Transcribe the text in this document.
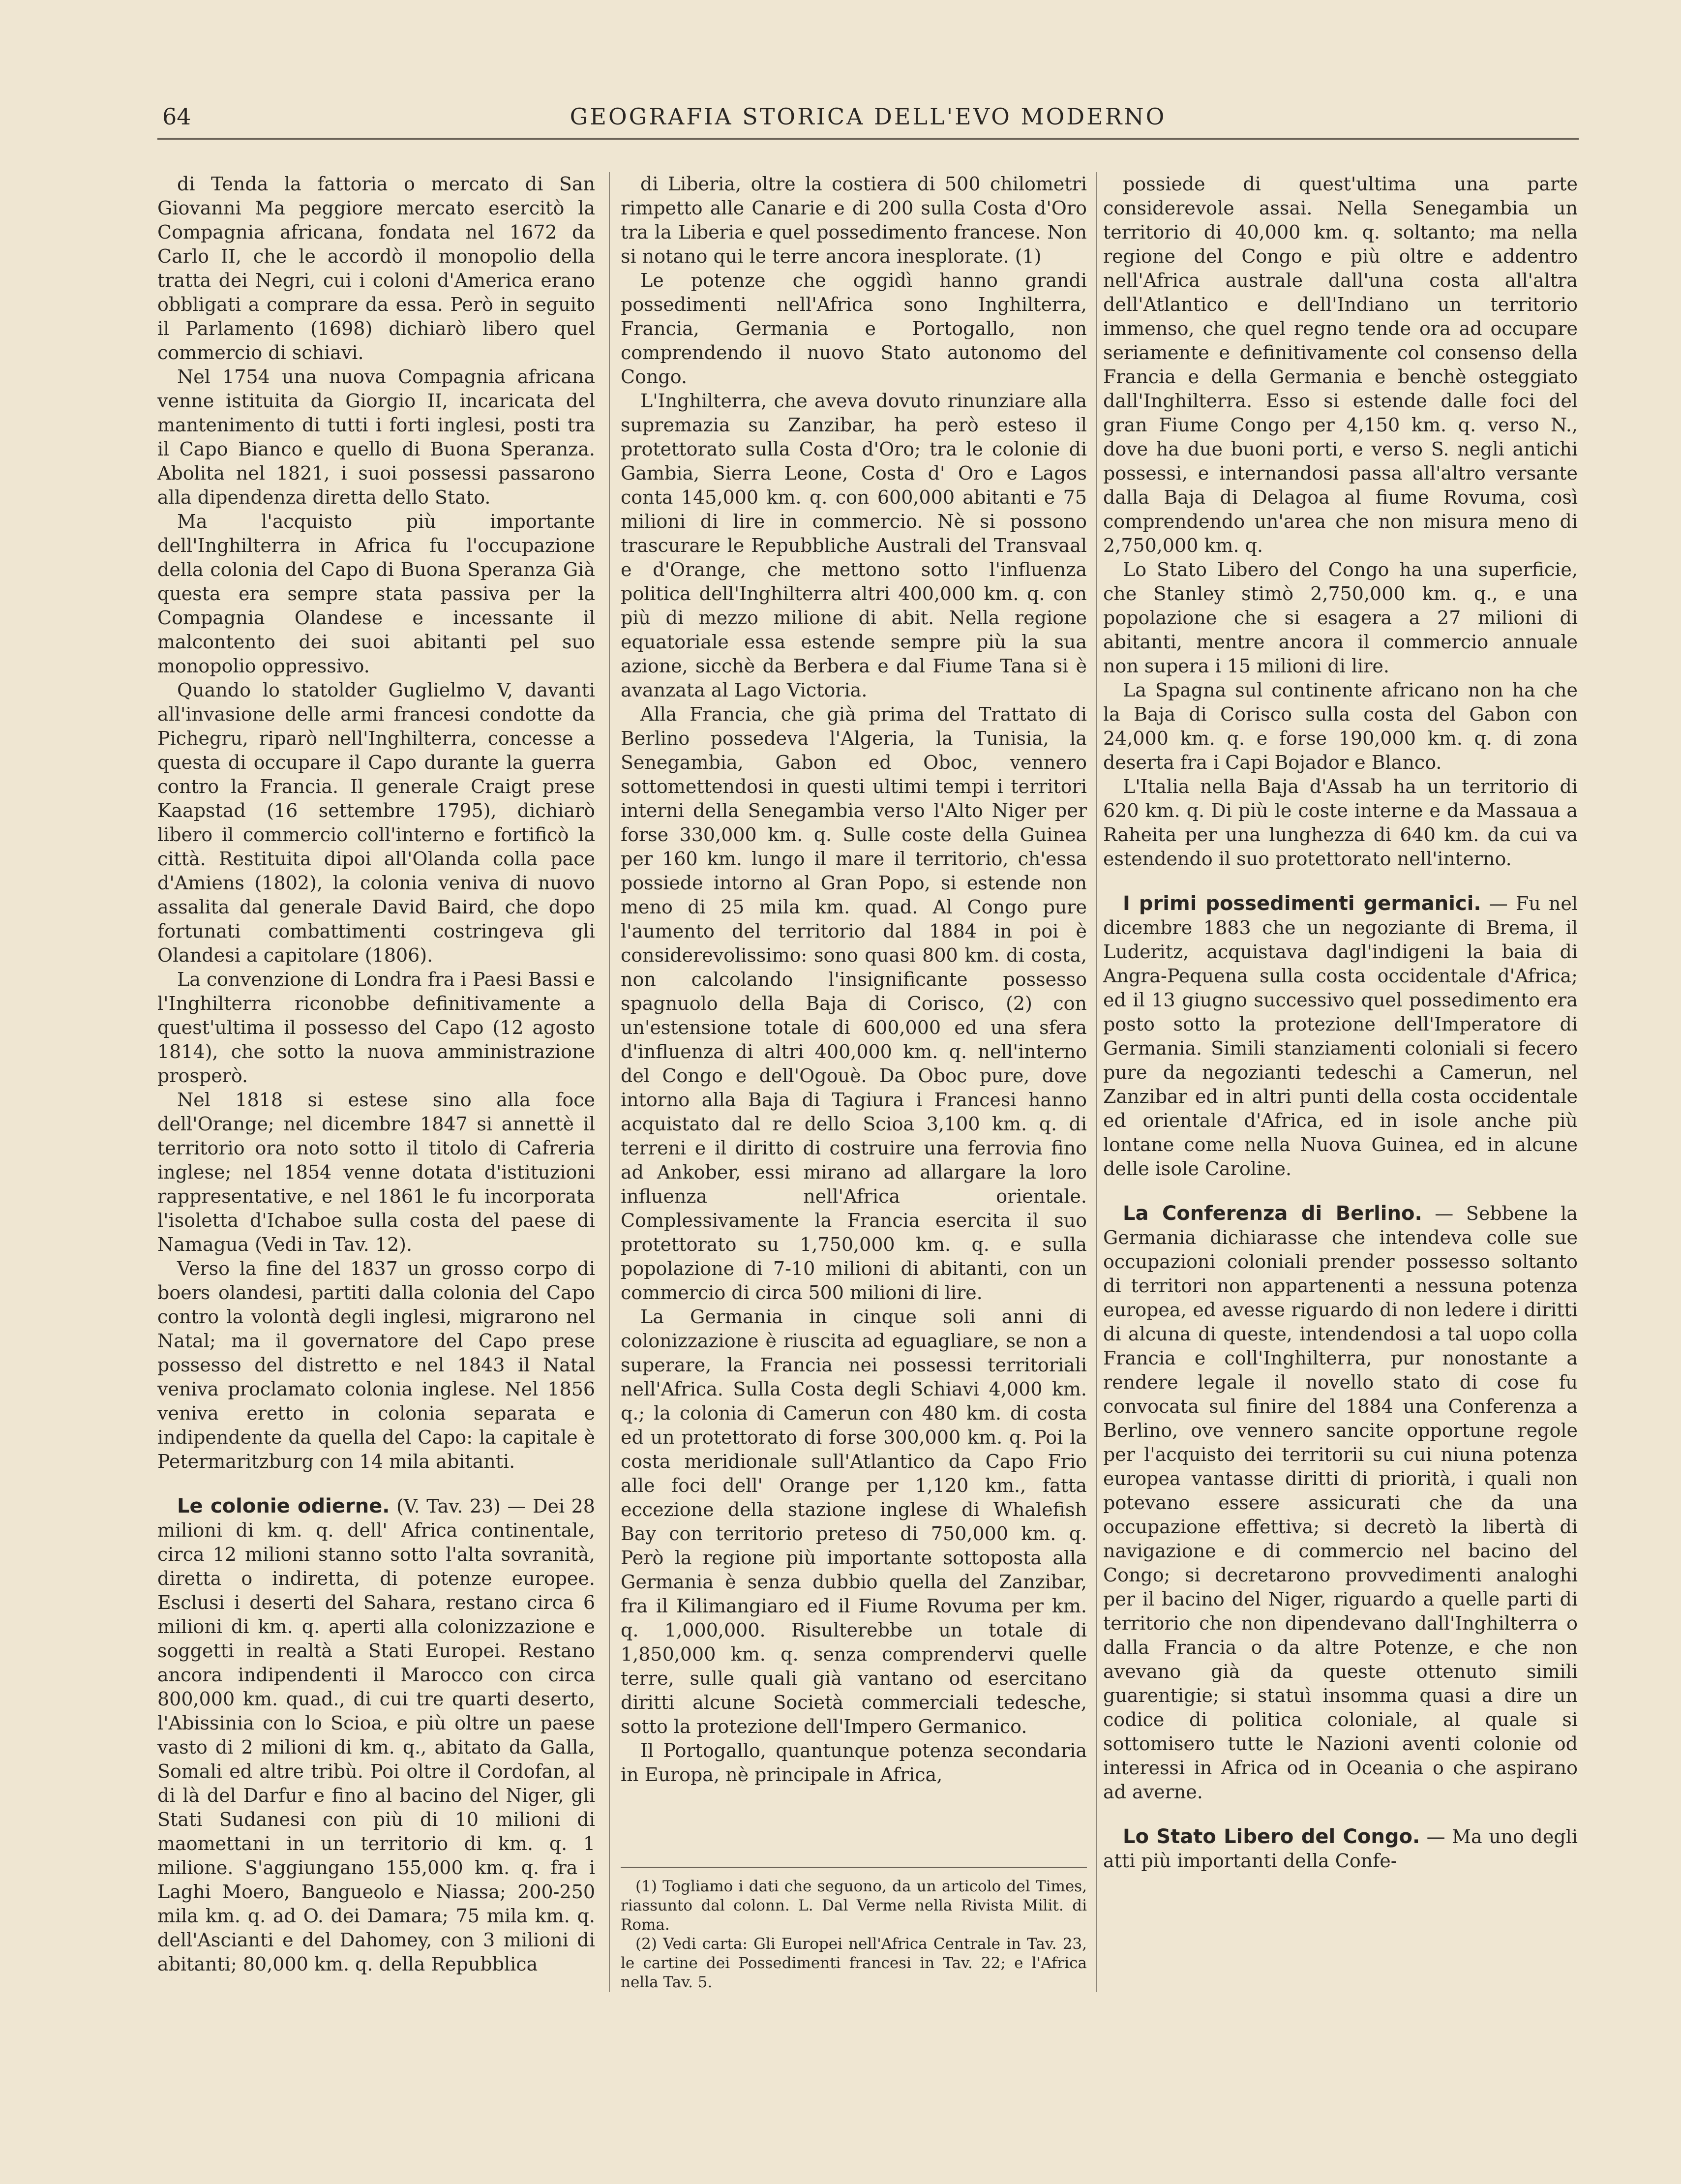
64	GEOGRAFIA STORICA DELL'EVO MODERNO

di Tenda la fattoria o mercato di San Giovanni Ma peggiore mercato esercitò la Compagnia africana, fondata nel 1672 da Carlo II, che le accordò il monopolio della tratta dei Negri, cui i coloni d'America erano obbligati a comprare da essa. Però in seguito il Parlamento (1698) dichiarò libero quel commercio di schiavi.

Nel 1754 una nuova Compagnia africana venne istituita da Giorgio II, incaricata del mantenimento di tutti i forti inglesi, posti tra il Capo Bianco e quello di Buona Speranza. Abolita nel 1821, i suoi possessi passarono alla dipendenza diretta dello Stato.

Ma l'acquisto più importante dell'Inghilterra in Africa fu l'occupazione della colonia del Capo di Buona Speranza Già questa era sempre stata passiva per la Compagnia Olandese e incessante il malcontento dei suoi abitanti pel suo monopolio oppressivo.

Quando lo statolder Guglielmo V, davanti all'invasione delle armi francesi condotte da Pichegru, riparò nell'Inghilterra, concesse a questa di occupare il Capo durante la guerra contro la Francia. Il generale Craigt prese Kaapstad (16 settembre 1795), dichiarò libero il commercio coll'interno e fortificò la città. Restituita dipoi all'Olanda colla pace d'Amiens (1802), la colonia veniva di nuovo assalita dal generale David Baird, che dopo fortunati combattimenti costringeva gli Olandesi a capitolare (1806).

La convenzione di Londra fra i Paesi Bassi e l'Inghilterra riconobbe definitivamente a quest'ultima il possesso del Capo (12 agosto 1814), che sotto la nuova amministrazione prosperò.

Nel 1818 si estese sino alla foce dell'Orange; nel dicembre 1847 si annettè il territorio ora noto sotto il titolo di Cafreria inglese; nel 1854 venne dotata d'istituzioni rappresentative, e nel 1861 le fu incorporata l'isoletta d'Ichaboe sulla costa del paese di Namagua (Vedi in Tav. 12).

Verso la fine del 1837 un grosso corpo di boers olandesi, partiti dalla colonia del Capo contro la volontà degli inglesi, migrarono nel Natal; ma il governatore del Capo prese possesso del distretto e nel 1843 il Natal veniva proclamato colonia inglese. Nel 1856 veniva eretto in colonia separata e indipendente da quella del Capo: la capitale è Petermaritzburg con 14 mila abitanti.

Le colonie odierne. (V. Tav. 23) — Dei 28 milioni di km. q. dell' Africa continentale, circa 12 milioni stanno sotto l'alta sovranità, diretta o indiretta, di potenze europee. Esclusi i deserti del Sahara, restano circa 6 milioni di km. q. aperti alla colonizzazione e soggetti in realtà a Stati Europei. Restano ancora indipendenti il Marocco con circa 800,000 km. quad., di cui tre quarti deserto, l'Abissinia con lo Scioa, e più oltre un paese vasto di 2 milioni di km. q., abitato da Galla, Somali ed altre tribù. Poi oltre il Cordofan, al di là del Darfur e fino al bacino del Niger, gli Stati Sudanesi con più di 10 milioni di maomettani in un territorio di km. q. 1 milione. S'aggiungano 155,000 km. q. fra i Laghi Moero, Bangueolo e Niassa; 200-250 mila km. q. ad O. dei Damara; 75 mila km. q. dell'Ascianti e del Dahomey, con 3 milioni di abitanti; 80,000 km. q. della Repubblica

di Liberia, oltre la costiera di 500 chilometri rimpetto alle Canarie e di 200 sulla Costa d'Oro tra la Liberia e quel possedimento francese. Non si notano qui le terre ancora inesplorate. (1)

Le potenze che oggidì hanno grandi possedimenti nell'Africa sono Inghilterra, Francia, Germania e Portogallo, non comprendendo il nuovo Stato autonomo del Congo.

L'Inghilterra, che aveva dovuto rinunziare alla supremazia su Zanzibar, ha però esteso il protettorato sulla Costa d'Oro; tra le colonie di Gambia, Sierra Leone, Costa d' Oro e Lagos conta 145,000 km. q. con 600,000 abitanti e 75 milioni di lire in commercio. Nè si possono trascurare le Repubbliche Australi del Transvaal e d'Orange, che mettono sotto l'influenza politica dell'Inghilterra altri 400,000 km. q. con più di mezzo milione di abit. Nella regione equatoriale essa estende sempre più la sua azione, sicchè da Berbera e dal Fiume Tana si è avanzata al Lago Victoria.

Alla Francia, che già prima del Trattato di Berlino possedeva l'Algeria, la Tunisia, la Senegambia, Gabon ed Oboc, vennero sottomettendosi in questi ultimi tempi i territori interni della Senegambia verso l'Alto Niger per forse 330,000 km. q. Sulle coste della Guinea per 160 km. lungo il mare il territorio, ch'essa possiede intorno al Gran Popo, si estende non meno di 25 mila km. quad. Al Congo pure l'aumento del territorio dal 1884 in poi è considerevolissimo: sono quasi 800 km. di costa, non calcolando l'insignificante possesso spagnuolo della Baja di Corisco, (2) con un'estensione totale di 600,000 ed una sfera d'influenza di altri 400,000 km. q. nell'interno del Congo e dell'Ogouè. Da Oboc pure, dove intorno alla Baja di Tagiura i Francesi hanno acquistato dal re dello Scioa 3,100 km. q. di terreni e il diritto di costruire una ferrovia fino ad Ankober, essi mirano ad allargare la loro influenza nell'Africa orientale. Complessivamente la Francia esercita il suo protettorato su 1,750,000 km. q. e sulla popolazione di 7-10 milioni di abitanti, con un commercio di circa 500 milioni di lire.

La Germania in cinque soli anni di colonizzazione è riuscita ad eguagliare, se non a superare, la Francia nei possessi territoriali nell'Africa. Sulla Costa degli Schiavi 4,000 km. q.; la colonia di Camerun con 480 km. di costa ed un protettorato di forse 300,000 km. q. Poi la costa meridionale sull'Atlantico da Capo Frio alle foci dell' Orange per 1,120 km., fatta eccezione della stazione inglese di Whalefish Bay con territorio preteso di 750,000 km. q. Però la regione più importante sottoposta alla Germania è senza dubbio quella del Zanzibar, fra il Kilimangiaro ed il Fiume Rovuma per km. q. 1,000,000. Risulterebbe un totale di 1,850,000 km. q. senza comprendervi quelle terre, sulle quali già vantano od esercitano diritti alcune Società commerciali tedesche, sotto la protezione dell'Impero Germanico.

Il Portogallo, quantunque potenza secondaria in Europa, nè principale in Africa,

(1) Togliamo i dati che seguono, da un articolo del Times, riassunto dal colonn. L. Dal Verme nella Rivista Milit. di Roma.

(2) Vedi carta: Gli Europei nell'Africa Centrale in Tav. 23, le cartine dei Possedimenti francesi in Tav. 22; e l'Africa nella Tav. 5.

possiede di quest'ultima una parte considerevole assai. Nella Senegambia un territorio di 40,000 km. q. soltanto; ma nella regione del Congo e più oltre e addentro nell'Africa australe dall'una costa all'altra dell'Atlantico e dell'Indiano un territorio immenso, che quel regno tende ora ad occupare seriamente e definitivamente col consenso della Francia e della Germania e benchè osteggiato dall'Inghilterra. Esso si estende dalle foci del gran Fiume Congo per 4,150 km. q. verso N., dove ha due buoni porti, e verso S. negli antichi possessi, e internandosi passa all'altro versante dalla Baja di Delagoa al fiume Rovuma, così comprendendo un'area che non misura meno di 2,750,000 km. q.

Lo Stato Libero del Congo ha una superficie, che Stanley stimò 2,750,000 km. q., e una popolazione che si esagera a 27 milioni di abitanti, mentre ancora il commercio annuale non supera i 15 milioni di lire.

La Spagna sul continente africano non ha che la Baja di Corisco sulla costa del Gabon con 24,000 km. q. e forse 190,000 km. q. di zona deserta fra i Capi Bojador e Blanco.

L'Italia nella Baja d'Assab ha un territorio di 620 km. q. Di più le coste interne e da Massaua a Raheita per una lunghezza di 640 km. da cui va estendendo il suo protettorato nell'interno.

I primi possedimenti germanici. — Fu nel dicembre 1883 che un negoziante di Brema, il Luderitz, acquistava dagl'indigeni la baia di Angra-Pequena sulla costa occidentale d'Africa; ed il 13 giugno successivo quel possedimento era posto sotto la protezione dell'Imperatore di Germania. Simili stanziamenti coloniali si fecero pure da negozianti tedeschi a Camerun, nel Zanzibar ed in altri punti della costa occidentale ed orientale d'Africa, ed in isole anche più lontane come nella Nuova Guinea, ed in alcune delle isole Caroline.

La Conferenza di Berlino. — Sebbene la Germania dichiarasse che intendeva colle sue occupazioni coloniali prender possesso soltanto di territori non appartenenti a nessuna potenza europea, ed avesse riguardo di non ledere i diritti di alcuna di queste, intendendosi a tal uopo colla Francia e coll'Inghilterra, pur nonostante a rendere legale il novello stato di cose fu convocata sul finire del 1884 una Conferenza a Berlino, ove vennero sancite opportune regole per l'acquisto dei territorii su cui niuna potenza europea vantasse diritti di priorità, i quali non potevano essere assicurati che da una occupazione effettiva; si decretò la libertà di navigazione e di commercio nel bacino del Congo; si decretarono provvedimenti analoghi per il bacino del Niger, riguardo a quelle parti di territorio che non dipendevano dall'Inghilterra o dalla Francia o da altre Potenze, e che non avevano già da queste ottenuto simili guarentigie; si statuì insomma quasi a dire un codice di politica coloniale, al quale si sottomisero tutte le Nazioni aventi colonie od interessi in Africa od in Oceania o che aspirano ad averne.

Lo Stato Libero del Congo. — Ma uno degli atti più importanti della Confe-
